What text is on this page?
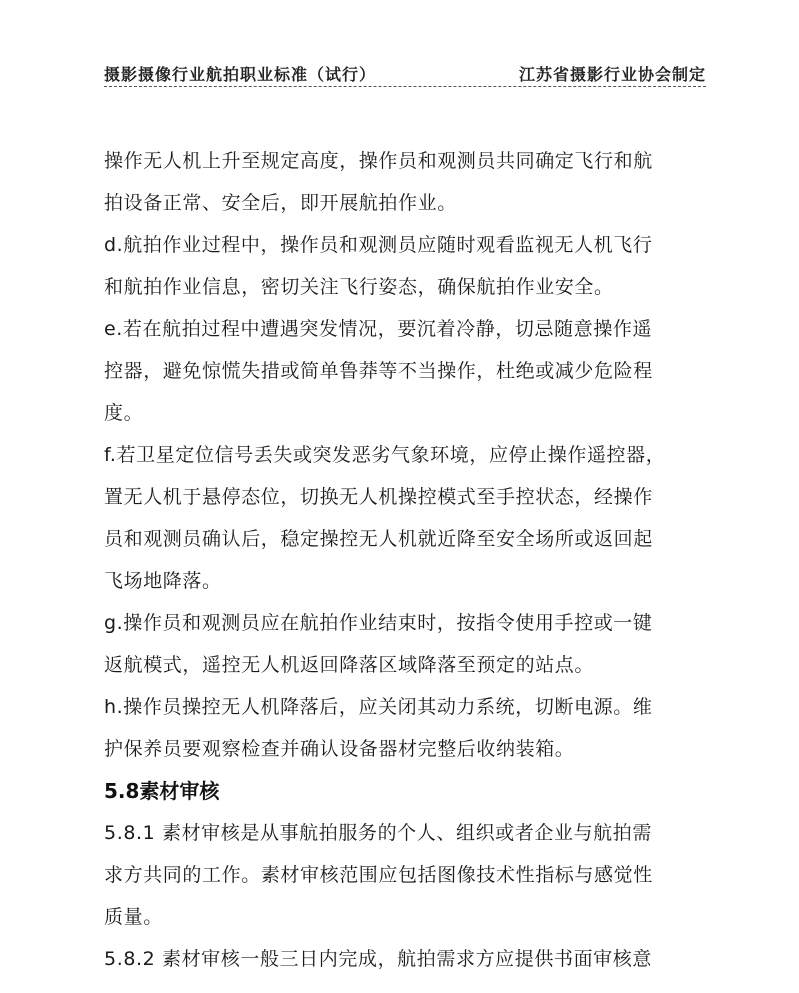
摄影摄像行业航拍职业标准（试行）	江苏省摄影行业协会制定
操作无人机上升至规定高度，操作员和观测员共同确定飞行和航
拍设备正常、安全后，即开展航拍作业。
d.航拍作业过程中，操作员和观测员应随时观看监视无人机飞行
和航拍作业信息，密切关注飞行姿态，确保航拍作业安全。
e.若在航拍过程中遭遇突发情况，要沉着冷静，切忌随意操作遥
控器，避免惊慌失措或简单鲁莽等不当操作，杜绝或减少危险程
度。
f.若卫星定位信号丢失或突发恶劣气象环境，应停止操作遥控器，
置无人机于悬停态位，切换无人机操控模式至手控状态，经操作
员和观测员确认后，稳定操控无人机就近降至安全场所或返回起
飞场地降落。
g.操作员和观测员应在航拍作业结束时，按指令使用手控或一键
返航模式，遥控无人机返回降落区域降落至预定的站点。
h.操作员操控无人机降落后，应关闭其动力系统，切断电源。维
护保养员要观察检查并确认设备器材完整后收纳装箱。
5.8素材审核
5.8.1 素材审核是从事航拍服务的个人、组织或者企业与航拍需
求方共同的工作。素材审核范围应包括图像技术性指标与感觉性
质量。
5.8.2 素材审核一般三日内完成，航拍需求方应提供书面审核意
